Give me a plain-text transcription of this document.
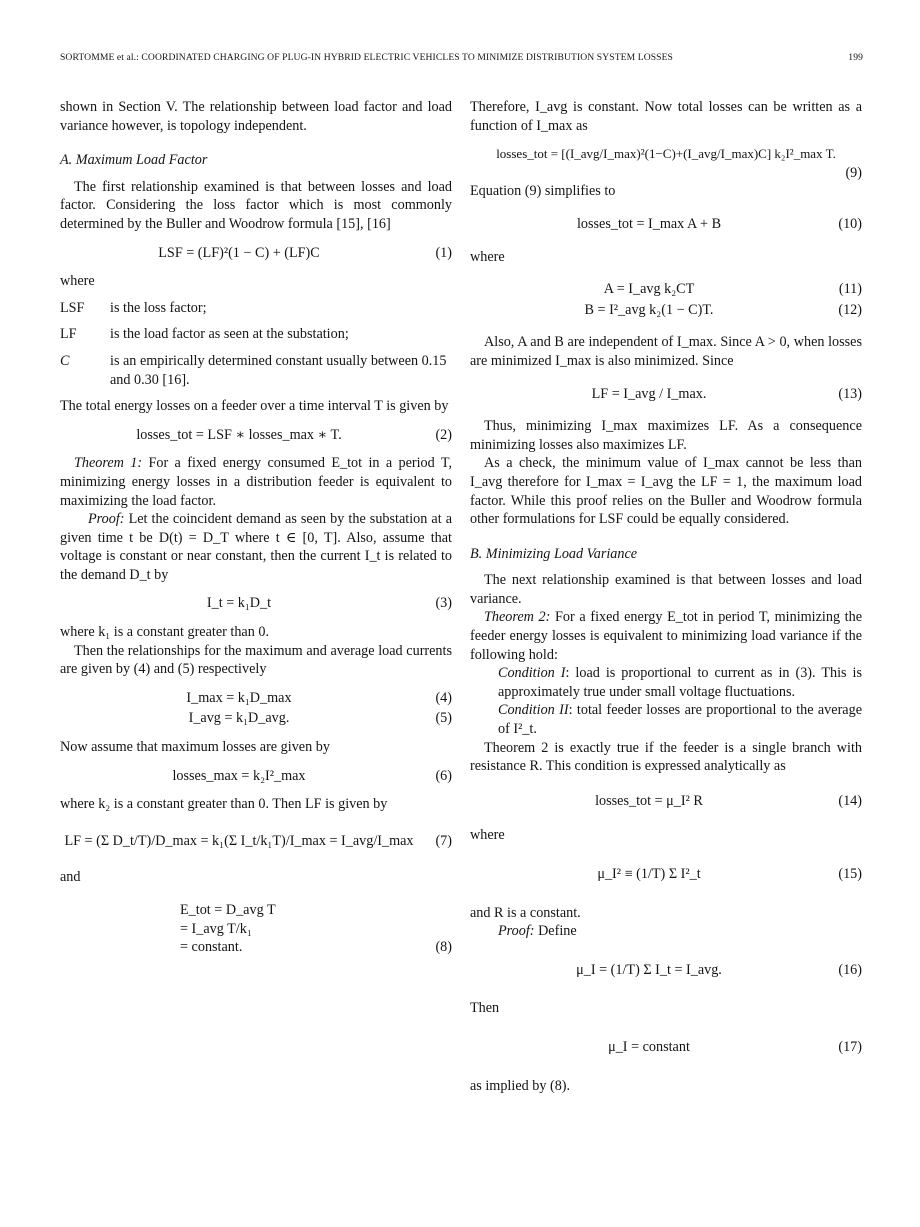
SORTOMME et al.: COORDINATED CHARGING OF PLUG-IN HYBRID ELECTRIC VEHICLES TO MINIMIZE DISTRIBUTION SYSTEM LOSSES	199

shown in Section V. The relationship between load factor and load variance however, is topology independent.

A. Maximum Load Factor

The first relationship examined is that between losses and load factor. Considering the loss factor which is most commonly determined by the Buller and Woodrow formula [15], [16]

LSF = (LF)²(1 − C) + (LF)C	(1)

where

LSF	is the loss factor;
LF	is the load factor as seen at the substation;
C	is an empirically determined constant usually between 0.15 and 0.30 [16].

The total energy losses on a feeder over a time interval T is given by

losses_tot = LSF ∗ losses_max ∗ T.	(2)

Theorem 1: For a fixed energy consumed E_tot in a period T, minimizing energy losses in a distribution feeder is equivalent to maximizing the load factor.

Proof: Let the coincident demand as seen by the substation at a given time t be D(t) = D_T where t ∈ [0, T]. Also, assume that voltage is constant or near constant, then the current I_t is related to the demand D_t by

I_t = k₁D_t	(3)

where k₁ is a constant greater than 0.

Then the relationships for the maximum and average load currents are given by (4) and (5) respectively

I_max = k₁D_max	(4)
I_avg = k₁D_avg.	(5)

Now assume that maximum losses are given by

losses_max = k₂I²_max	(6)

where k₂ is a constant greater than 0. Then LF is given by

LF = (Σ D_t/T)/D_max = k₁(Σ I_t/k₁T)/I_max = I_avg/I_max	(7)

and

E_tot = D_avg T
= I_avg T/k₁
= constant.	(8)

Therefore, I_avg is constant. Now total losses can be written as a function of I_max as

losses_tot = [(I_avg/I_max)²(1−C)+(I_avg/I_max)C] k₂I²_max T.
(9)

Equation (9) simplifies to

losses_tot = I_max A + B	(10)

where

A = I_avg k₂CT	(11)
B = I²_avg k₂(1 − C)T.	(12)

Also, A and B are independent of I_max. Since A > 0, when losses are minimized I_max is also minimized. Since

LF = I_avg / I_max.	(13)

Thus, minimizing I_max maximizes LF. As a consequence minimizing losses also maximizes LF.

As a check, the minimum value of I_max cannot be less than I_avg therefore for I_max = I_avg the LF = 1, the maximum load factor. While this proof relies on the Buller and Woodrow formula other formulations for LSF could be equally considered.

B. Minimizing Load Variance

The next relationship examined is that between losses and load variance.

Theorem 2: For a fixed energy E_tot in period T, minimizing the feeder energy losses is equivalent to minimizing load variance if the following hold:

Condition I: load is proportional to current as in (3). This is approximately true under small voltage fluctuations.

Condition II: total feeder losses are proportional to the average of I²_t.

Theorem 2 is exactly true if the feeder is a single branch with resistance R. This condition is expressed analytically as

losses_tot = μ_I² R	(14)

where

μ_I² ≡ (1/T) Σ I²_t	(15)

and R is a constant.

Proof: Define

μ_I = (1/T) Σ I_t = I_avg.	(16)

Then

μ_I = constant	(17)

as implied by (8).
